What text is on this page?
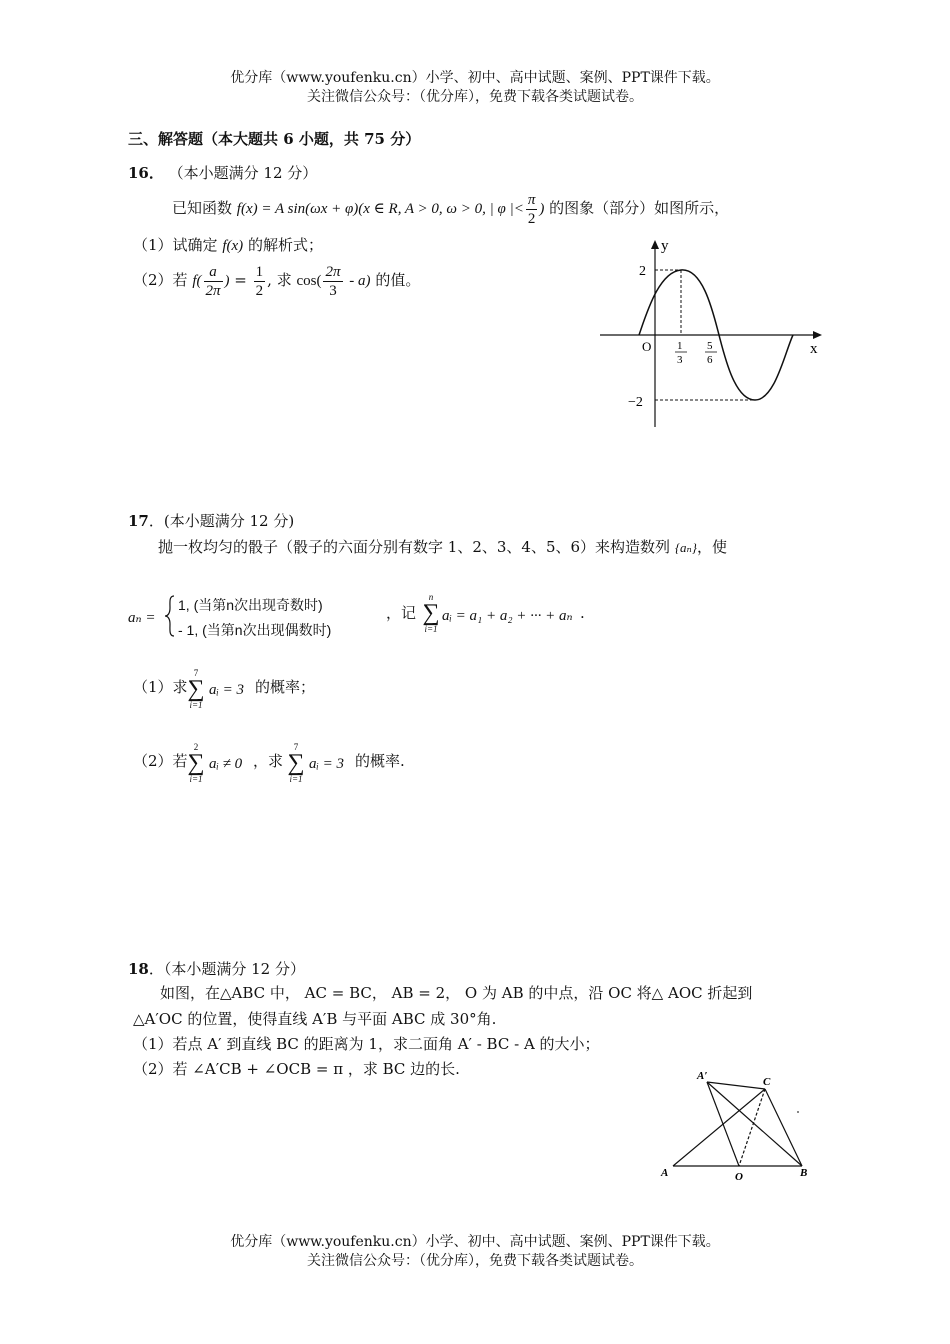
优分库（www.youfenku.cn）小学、初中、高中试题、案例、PPT课件下载。
关注微信公众号：（优分库），免费下载各类试题试卷。
三、解答题（本大题共 6 小题，共 75 分）
16． （本小题满分 12 分）
已知函数 f(x) = A sin(ωx + φ)(x ∈ R, A > 0, ω > 0, | φ |< $\frac{\pi}{2}$ ) 的图象（部分）如图所示，
（1）试确定 f(x) 的解析式；
（2）若 $f( \frac{a}{2\pi}$ ) = $\frac{1}{2}$ , 求 $\cos( \frac{2\pi}{3} - a)$ 的值。
y
x
O
2
−2
1
3
5
6
17．(本小题满分 12 分)
抛一枚均匀的骰子（骰子的六面分别有数字 1、2、3、4、5、6）来构造数列 {aₙ}，使
aₙ =
1, (当第n次出现奇数时)
- 1, (当第n次出现偶数时)
，记
n
∑
i=1
aᵢ = a₁ + a₂ + ··· + aₙ .
（1）求
7
∑
i=1
aᵢ = 3 的概率；
（2）若
2
∑
i=1
aᵢ ≠ 0 ，求
7
∑
i=1
aᵢ = 3 的概率.
18．（本小题满分 12 分）
如图，在△ABC 中， AC = BC， AB = 2， O 为 AB 的中点，沿 OC 将△ AOC 折起到
△A′OC 的位置，使得直线 A′B 与平面 ABC 成 30°角.
（1）若点 A′ 到直线 BC 的距离为 1，求二面角 A′ - BC - A 的大小；
（2）若 ∠A′CB + ∠OCB = π ，求 BC 边的长.	A′	C
A	O	B
优分库（www.youfenku.cn）小学、初中、高中试题、案例、PPT课件下载。
关注微信公众号：（优分库），免费下载各类试题试卷。
